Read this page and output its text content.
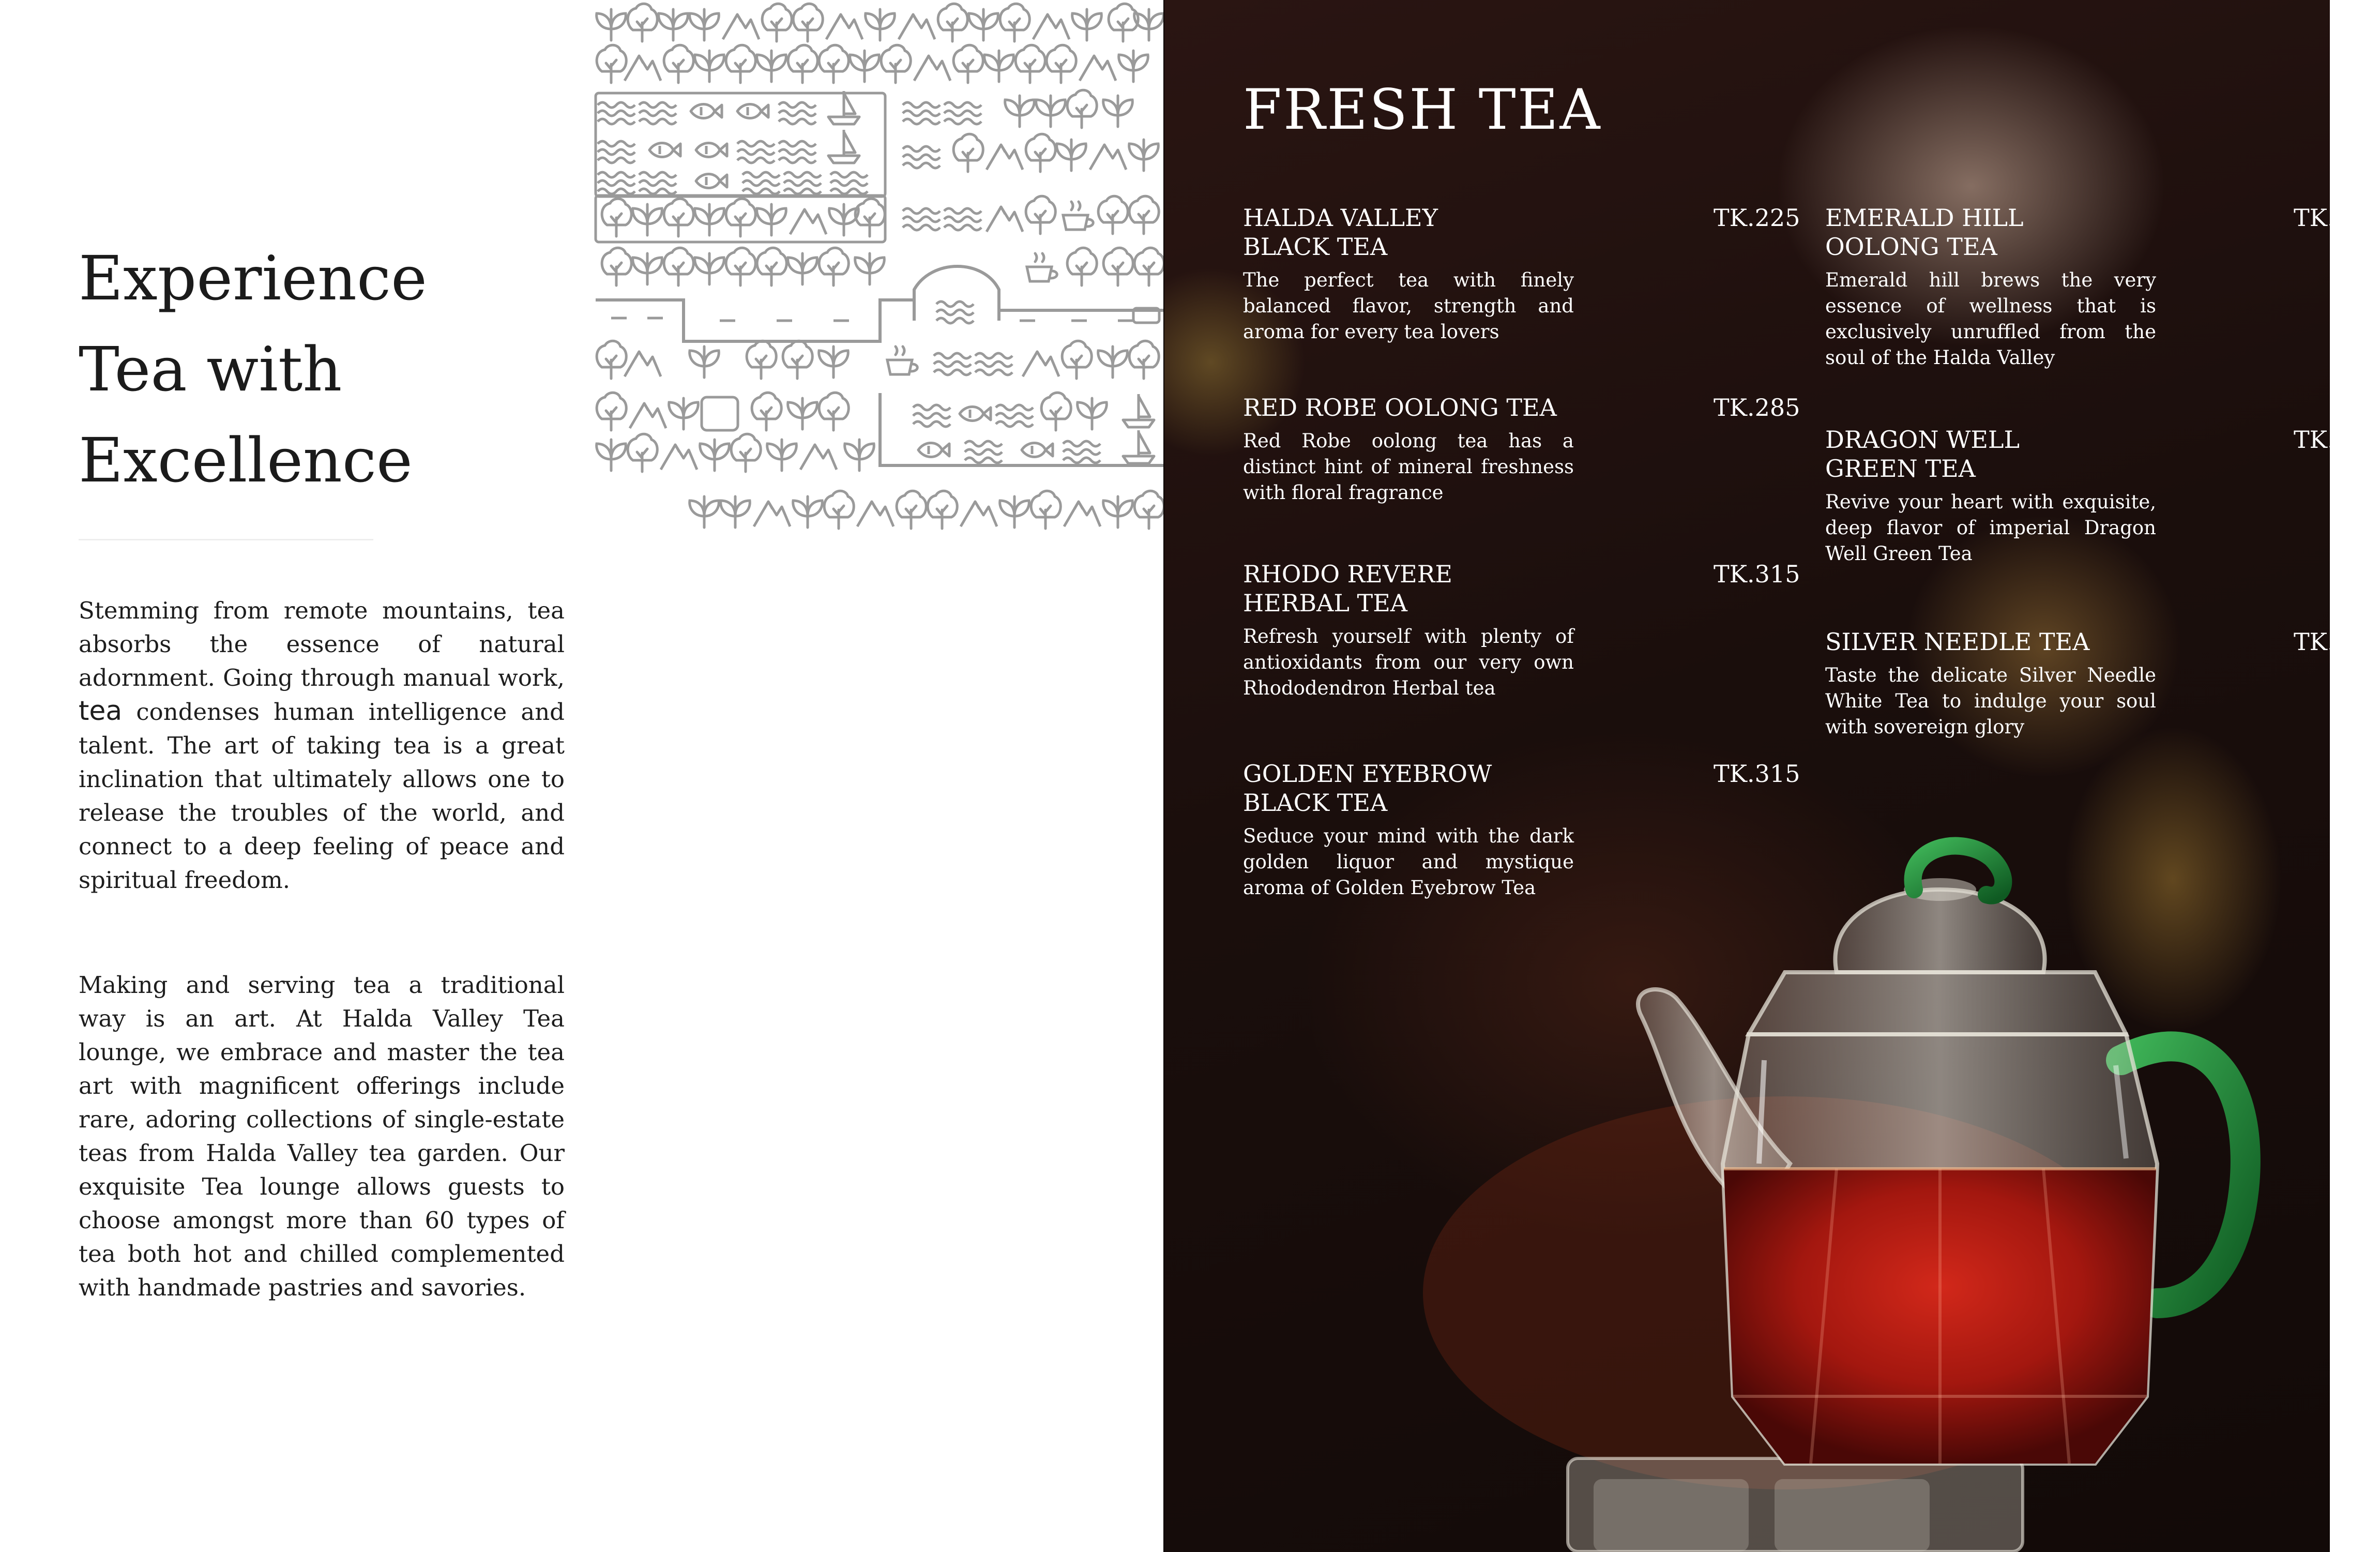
Experience
Tea with
Excellence

Stemming from remote mountains, tea absorbs the essence of natural adornment. Going through manual work, tea condenses human intelligence and talent. The art of taking tea is a great inclination that ultimately allows one to release the troubles of the world, and connect to a deep feeling of peace and spiritual freedom.

Making and serving tea a traditional way is an art. At Halda Valley Tea lounge, we embrace and master the tea art with magnificent offerings include rare, adoring collections of single-estate teas from Halda Valley tea garden. Our exquisite Tea lounge allows guests to choose amongst more than 60 types of tea both hot and chilled complemented with handmade pastries and savories.

FRESH TEA
HALDA VALLEY
BLACK TEA
TK.225
The perfect tea with finely balanced flavor, strength and aroma for every tea lovers
RED ROBE OOLONG TEA	TK.285
Red Robe oolong tea has a distinct hint of mineral freshness with floral fragrance
RHODO REVERE
HERBAL TEA
TK.315
Refresh yourself with plenty of antioxidants from our very own Rhododendron Herbal tea
GOLDEN EYEBROW
BLACK TEA
TK.315
Seduce your mind with the dark golden liquor and mystique aroma of Golden Eyebrow Tea
EMERALD HILL
OOLONG TEA
TK.325
Emerald hill brews the very essence of wellness that is exclusively unruffled from the soul of the Halda Valley
DRAGON WELL
GREEN TEA
TK.335
Revive your heart with exquisite, deep flavor of imperial Dragon Well Green Tea
SILVER NEEDLE TEA	TK.565
Taste the delicate Silver Needle White Tea to indulge your soul with sovereign glory
